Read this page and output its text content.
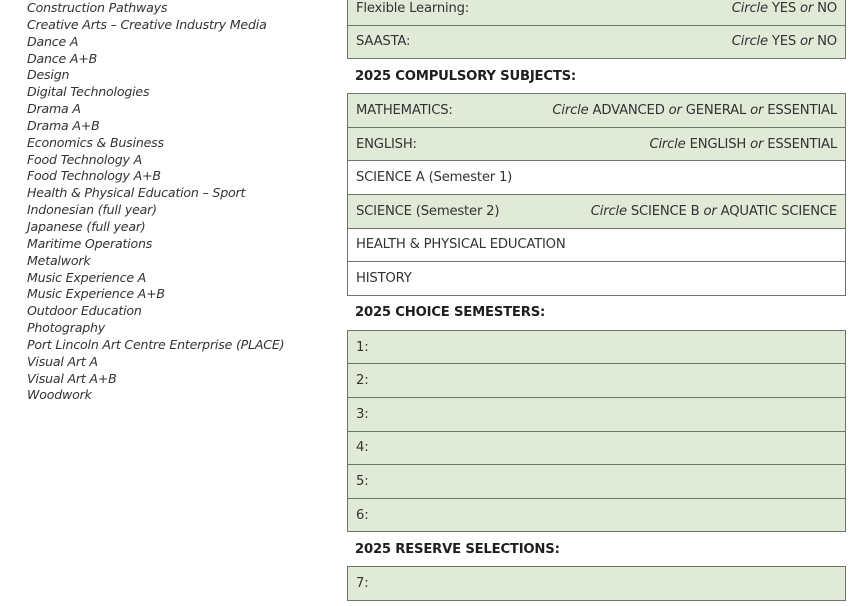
Construction Pathways
Creative Arts – Creative Industry Media
Dance A
Dance A+B
Design
Digital Technologies
Drama A
Drama A+B
Economics & Business
Food Technology A
Food Technology A+B
Health & Physical Education – Sport
Indonesian (full year)
Japanese (full year)
Maritime Operations
Metalwork
Music Experience A
Music Experience A+B
Outdoor Education
Photography
Port Lincoln Art Centre Enterprise (PLACE)
Visual Art A
Visual Art A+B
Woodwork
Flexible Learning:	Circle YES or NO
SAASTA:	Circle YES or NO
2025 COMPULSORY SUBJECTS:
MATHEMATICS:	Circle ADVANCED or GENERAL or ESSENTIAL
ENGLISH:	Circle ENGLISH or ESSENTIAL
SCIENCE A (Semester 1)
SCIENCE (Semester 2)	Circle SCIENCE B or AQUATIC SCIENCE
HEALTH & PHYSICAL EDUCATION
HISTORY
2025 CHOICE SEMESTERS:
1:
2:
3:
4:
5:
6:
2025 RESERVE SELECTIONS:
7:
